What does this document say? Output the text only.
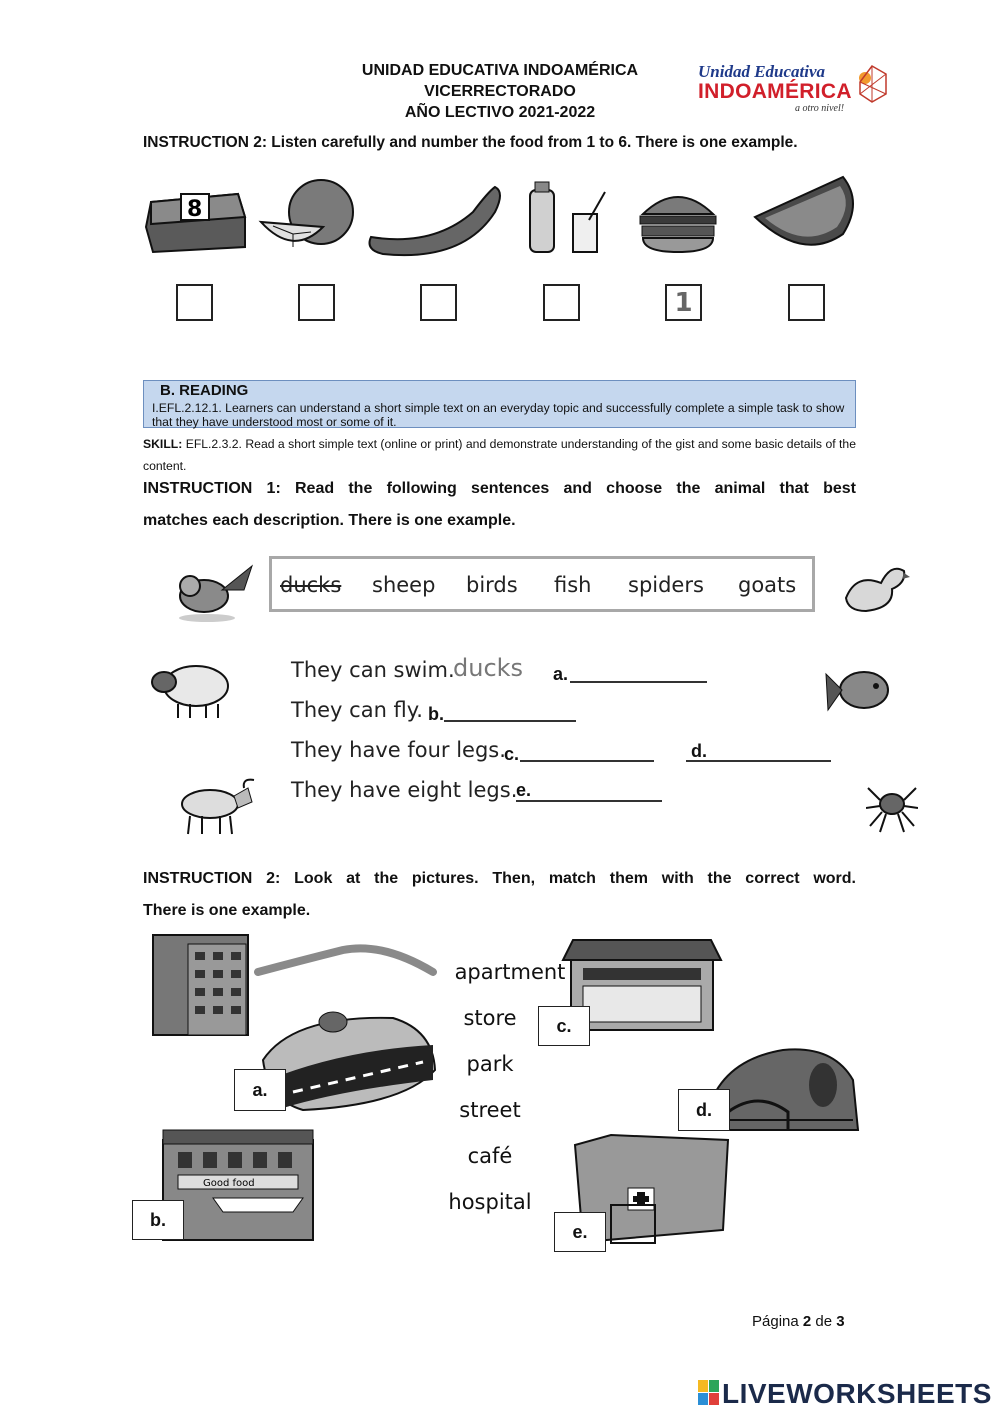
UNIDAD EDUCATIVA INDOAMÉRICA
VICERRECTORADO
AÑO LECTIVO 2021-2022
Unidad Educativa
INDOAMÉRICA
a otro nivel!
INSTRUCTION 2: Listen carefully and number the food from 1 to 6. There is one example.
8
1
B. READING
I.EFL.2.12.1. Learners can understand a short simple text on an everyday topic and successfully complete a simple task to show that they have understood most or some of it.
SKILL: EFL.2.3.2. Read a short simple text (online or print) and demonstrate understanding of the gist and some basic details of the content.
INSTRUCTION 1: Read the following sentences and choose the animal that best
matches each description. There is one example.
ducks sheep birds fish spiders goats
They can swim.
ducks a.
They can fly. b.
They have four legs.
c.	d.
They have eight legs.
e.
INSTRUCTION 2: Look at the pictures. Then, match them with the correct word.
There is one example.
Good food
apartment
store
park
street
café
hospital
a.
b.
c.
d.
e.
Página 2 de 3
LIVEWORKSHEETS
